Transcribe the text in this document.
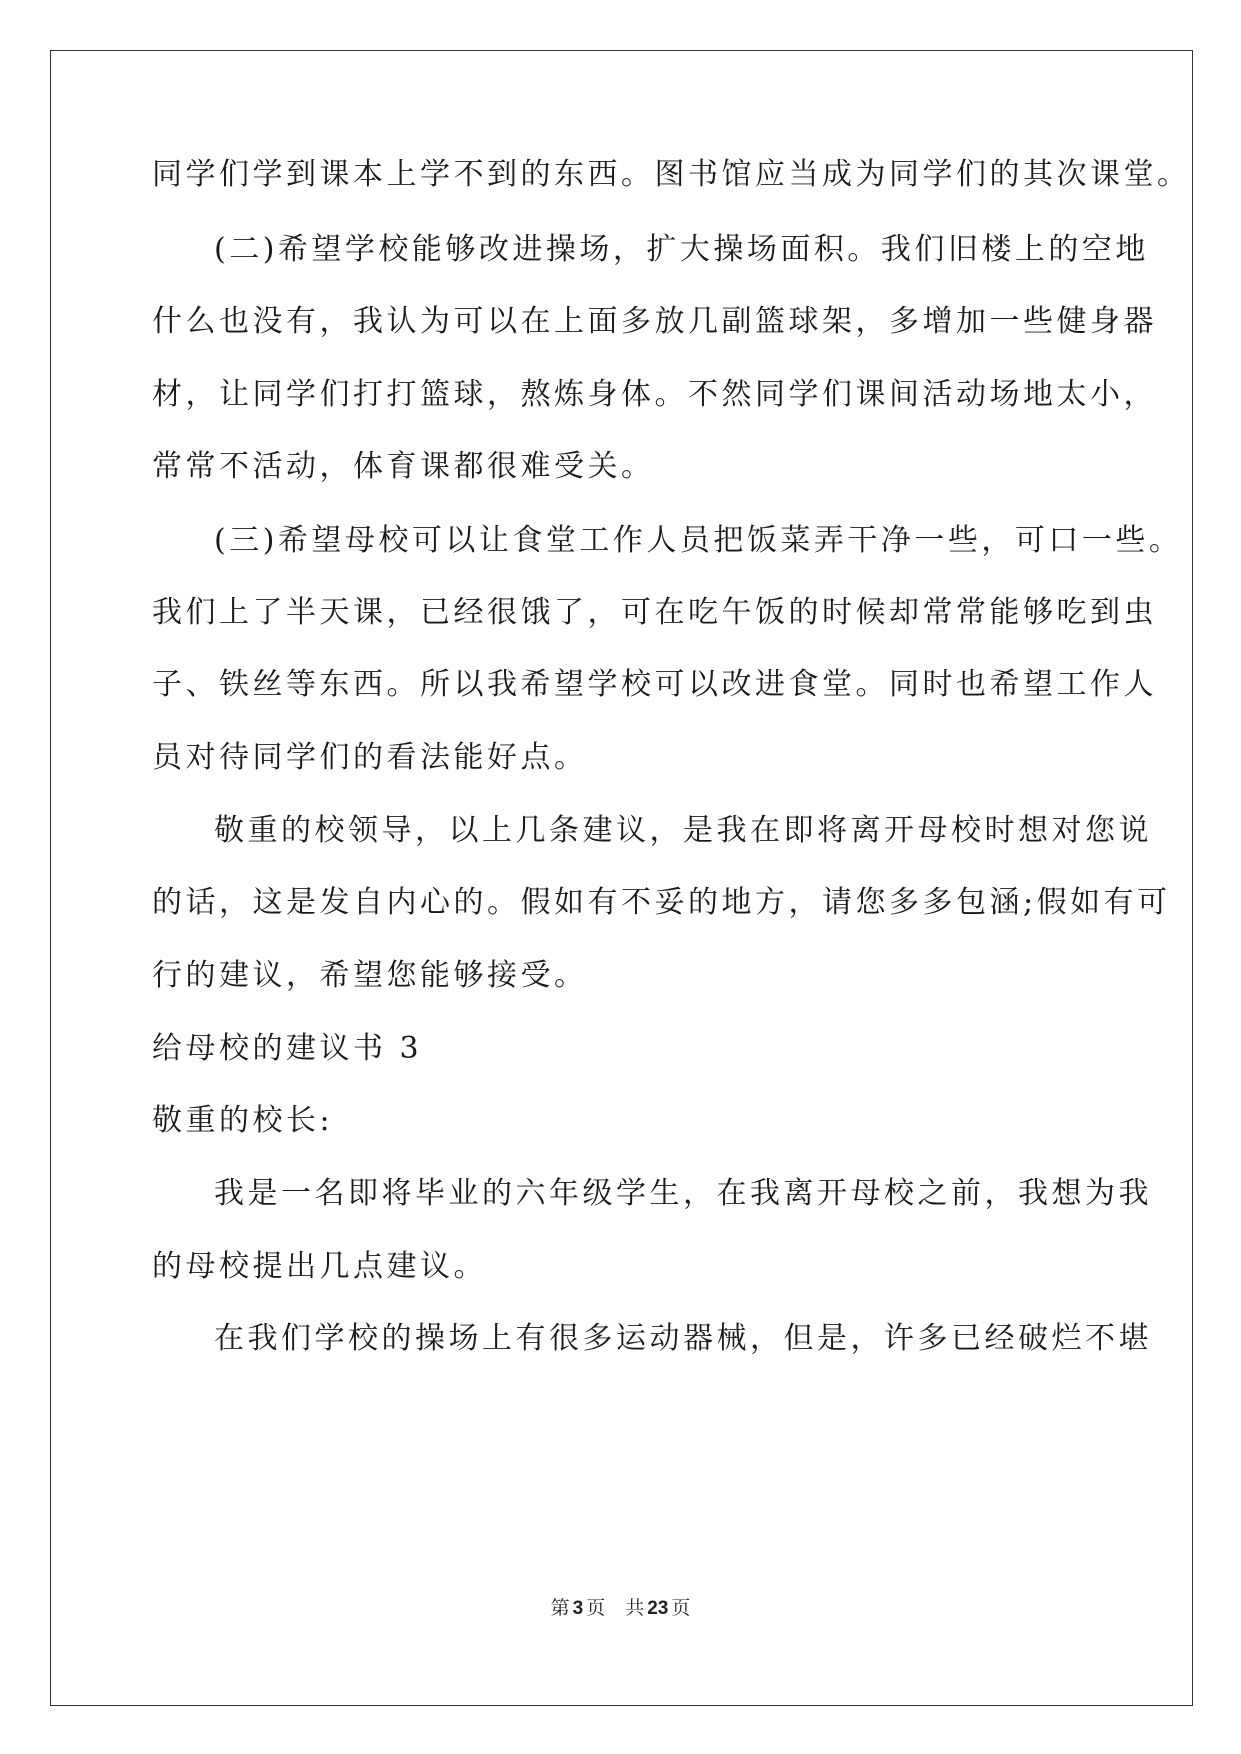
同学们学到课本上学不到的东西。图书馆应当成为同学们的其次课堂。
(二)希望学校能够改进操场，扩大操场面积。我们旧楼上的空地
什么也没有，我认为可以在上面多放几副篮球架，多增加一些健身器
材，让同学们打打篮球，熬炼身体。不然同学们课间活动场地太小，
常常不活动，体育课都很难受关。
(三)希望母校可以让食堂工作人员把饭菜弄干净一些，可口一些。
我们上了半天课，已经很饿了，可在吃午饭的时候却常常能够吃到虫
子、铁丝等东西。所以我希望学校可以改进食堂。同时也希望工作人
员对待同学们的看法能好点。
敬重的校领导，以上几条建议，是我在即将离开母校时想对您说
的话，这是发自内心的。假如有不妥的地方，请您多多包涵;假如有可
行的建议，希望您能够接受。
给母校的建议书 3
敬重的校长:
我是一名即将毕业的六年级学生，在我离开母校之前，我想为我
的母校提出几点建议。
在我们学校的操场上有很多运动器械，但是，许多已经破烂不堪
第 3 页 共 23 页
